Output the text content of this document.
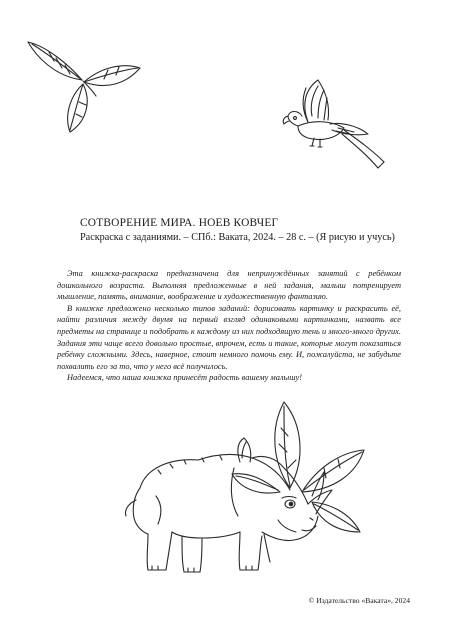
СОТВОРЕНИЕ МИРА. НОЕВ КОВЧЕГ

Раскраска с заданиями. – СПб.: Ваката, 2024. – 28 с. – (Я рисую и учусь)

Эта книжка-раскраска предназначена для непринуждённых занятий с ребёнком дошкольного возраста. Выполняя предложенные в ней задания, малыш потренирует мышление, память, внимание, воображение и художественную фантазию.

В книжке предложено несколько типов заданий: дорисовать картинку и раскрасить её, найти различия между двумя на первый взгляд одинаковыми картинками, назвать все предметы на странице и подобрать к каждому из них подходящую тень и много-много других. Задания эти чаще всего довольно простые, впрочем, есть и такие, которые могут показаться ребёнку сложными. Здесь, наверное, стоит немного помочь ему. И, пожалуйста, не забудьте похвалить его за то, что у него всё получилось.

Надеемся, что наша книжка принесёт радость вашему малышу!

© Издательство «Ваката», 2024
